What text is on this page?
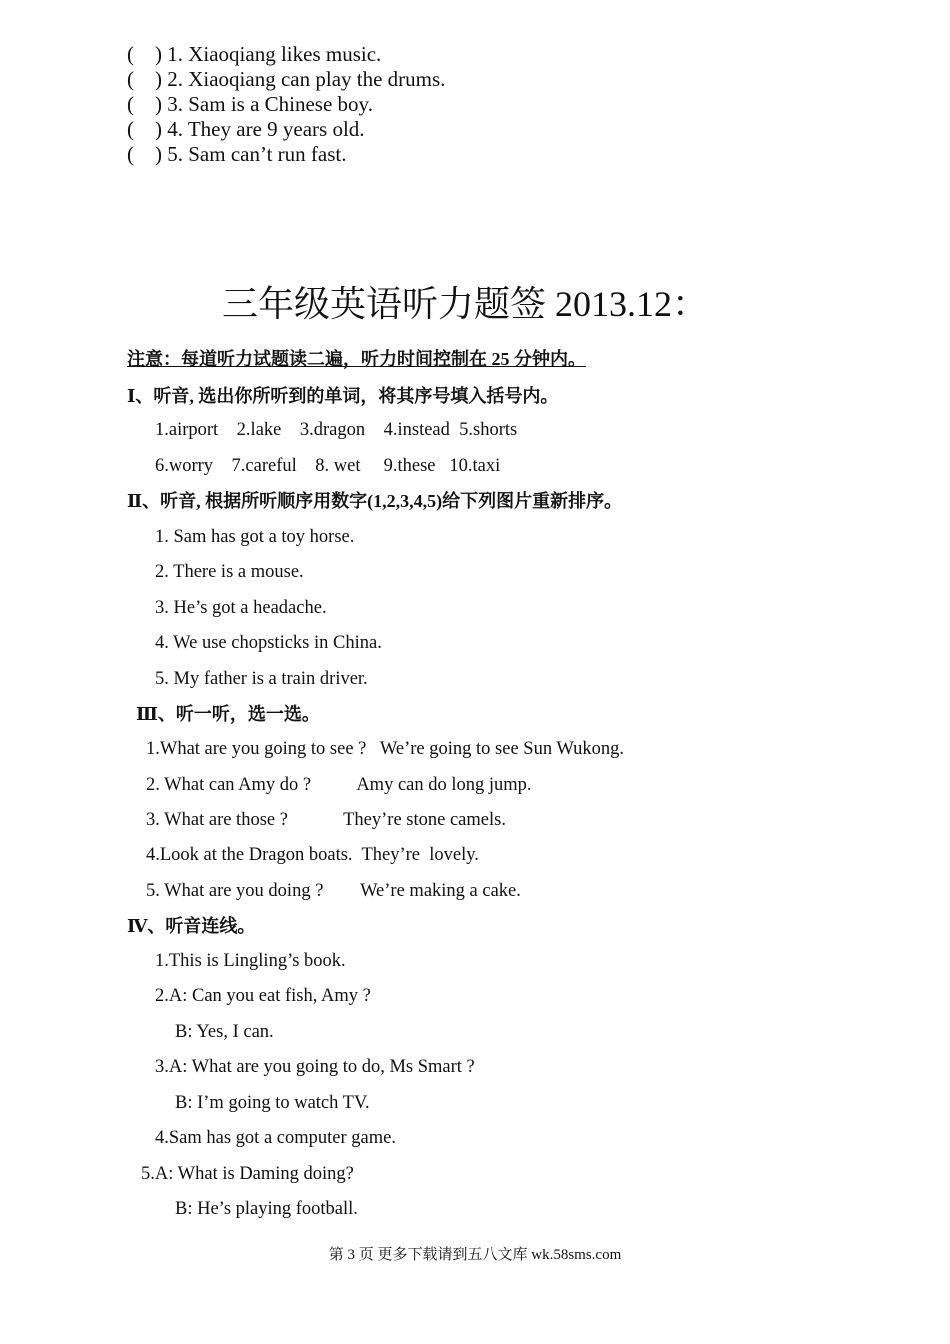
(    ) 1. Xiaoqiang likes music.
(    ) 2. Xiaoqiang can play the drums.
(    ) 3. Sam is a Chinese boy.
(    ) 4. They are 9 years old.
(    ) 5. Sam can’t run fast.
三年级英语听力题签 2013.12：
注意：每道听力试题读二遍，听力时间控制在 25 分钟内。
Ⅰ、听音, 选出你所听到的单词，将其序号填入括号内。
1.airport    2.lake    3.dragon    4.instead  5.shorts
6.worry    7.careful    8. wet     9.these   10.taxi
Ⅱ、听音, 根据所听顺序用数字(1,2,3,4,5)给下列图片重新排序。
1. Sam has got a toy horse.
2. There is a mouse.
3. He’s got a headache.
4. We use chopsticks in China.
5. My father is a train driver.
Ⅲ、听一听，选一选。
1.What are you going to see ?   We’re going to see Sun Wukong.
2. What can Amy do ?          Amy can do long jump.
3. What are those ?            They’re stone camels.
4.Look at the Dragon boats.  They’re  lovely.
5. What are you doing ?        We’re making a cake.
Ⅳ、听音连线。
1.This is Lingling’s book.
2.A: Can you eat fish, Amy ?
B: Yes, I can.
3.A: What are you going to do, Ms Smart ?
B: I’m going to watch TV.
4.Sam has got a computer game.
5.A: What is Daming doing?
B: He’s playing football.
第 3 页 更多下载请到五八文库 wk.58sms.com
